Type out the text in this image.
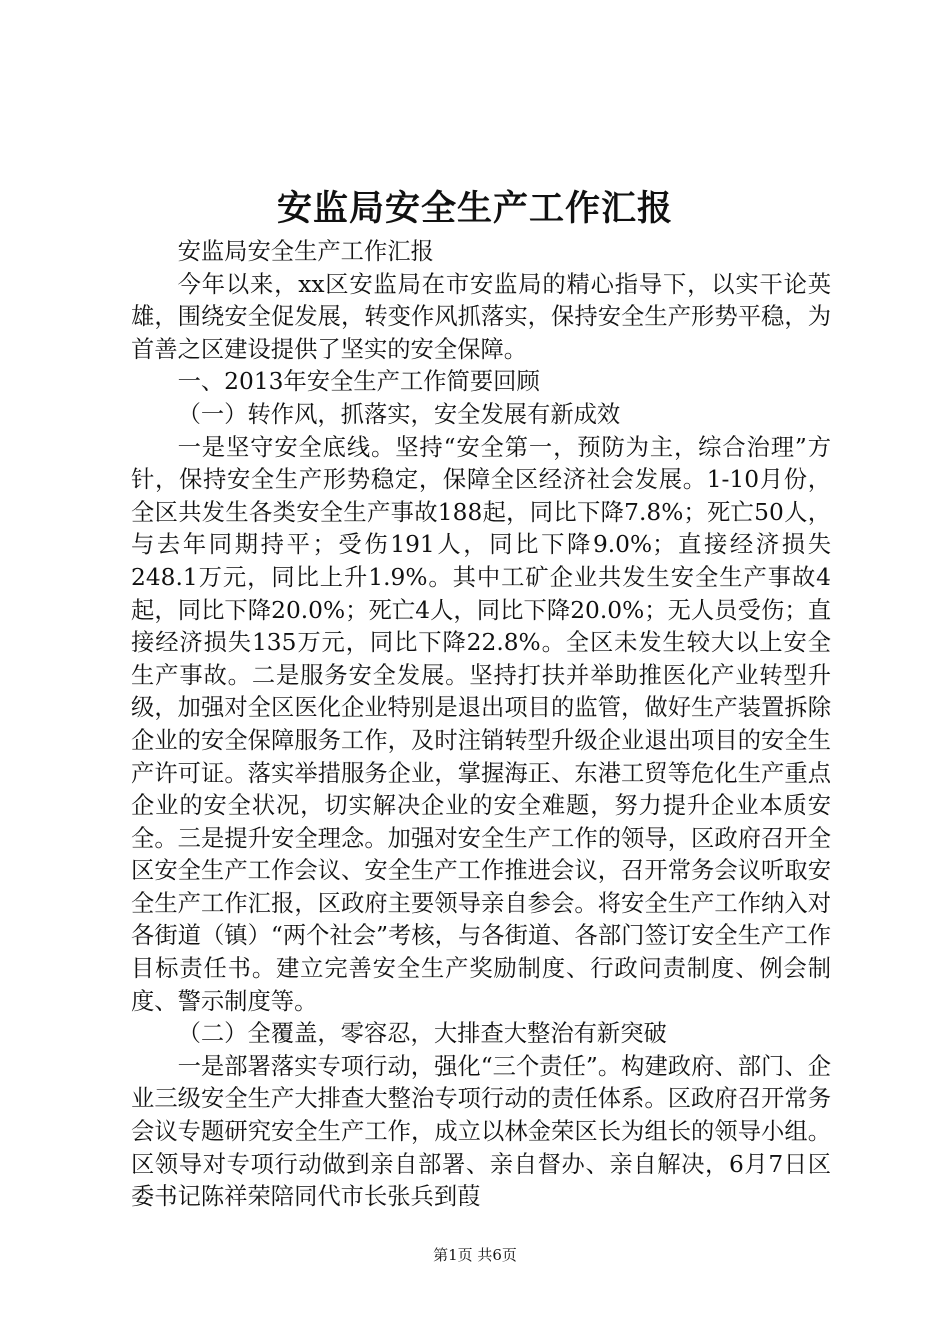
安监局安全生产工作汇报

安监局安全生产工作汇报

今年以来，xx区安监局在市安监局的精心指导下，以实干论英雄，围绕安全促发展，转变作风抓落实，保持安全生产形势平稳，为首善之区建设提供了坚实的安全保障。

一、2013年安全生产工作简要回顾

（一）转作风，抓落实，安全发展有新成效

一是坚守安全底线。坚持“安全第一，预防为主，综合治理”方针，保持安全生产形势稳定，保障全区经济社会发展。1-10月份，全区共发生各类安全生产事故188起，同比下降7.8%；死亡50人，与去年同期持平；受伤191人，同比下降9.0%；直接经济损失248.1万元，同比上升1.9%。其中工矿企业共发生安全生产事故4起，同比下降20.0%；死亡4人，同比下降20.0%；无人员受伤；直接经济损失135万元，同比下降22.8%。全区未发生较大以上安全生产事故。二是服务安全发展。坚持打扶并举助推医化产业转型升级，加强对全区医化企业特别是退出项目的监管，做好生产装置拆除企业的安全保障服务工作，及时注销转型升级企业退出项目的安全生产许可证。落实举措服务企业，掌握海正、东港工贸等危化生产重点企业的安全状况，切实解决企业的安全难题，努力提升企业本质安全。三是提升安全理念。加强对安全生产工作的领导，区政府召开全区安全生产工作会议、安全生产工作推进会议，召开常务会议听取安全生产工作汇报，区政府主要领导亲自参会。将安全生产工作纳入对各街道（镇）“两个社会”考核，与各街道、各部门签订安全生产工作目标责任书。建立完善安全生产奖励制度、行政问责制度、例会制度、警示制度等。

（二）全覆盖，零容忍，大排查大整治有新突破

一是部署落实专项行动，强化“三个责任”。构建政府、部门、企业三级安全生产大排查大整治专项行动的责任体系。区政府召开常务会议专题研究安全生产工作，成立以林金荣区长为组长的领导小组。区领导对专项行动做到亲自部署、亲自督办、亲自解决，6月7日区委书记陈祥荣陪同代市长张兵到葭

第1页 共6页
